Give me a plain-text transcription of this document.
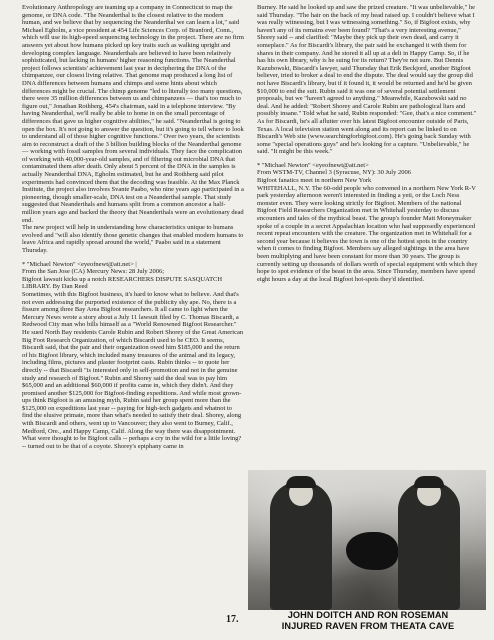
Evolutionary Anthropology are teaming up a company in Connecticut to map the genome, or DNA code. "The Neanderthal is the closest relative to the modern human, and we believe that by sequencing the Neanderthal we can learn a lot," said Michael Egholm, a vice president at 454 Life Sciences Corp. of Branford, Conn., which will use its high-speed sequencing technology in the project. There are no firm answers yet about how humans picked up key traits such as walking upright and developing complex language. Neanderthals are believed to have been relatively sophisticated, but lacking in humans' higher reasoning functions. The Neanderthal project follows scientists' achievement last year in deciphering the DNA of the chimpanzee, our closest living relative. That genome map produced a long list of DNA differences between humans and chimps and some hints about which differences might be crucial. The chimp genome "led to literally too many questions, there were 35 million differences between us and chimpanzees — that's too much to figure out," Jonathan Rothberg, 454's chairman, said in a telephone interview. "By having Neanderthal, we'll really be able to home in on the small percentage of differences that gave us higher cognitive abilities," he said. "Neanderthal is going to open the box. It's not going to answer the question, but it's going to tell where to look to understand all of those higher cognitive functions." Over two years, the scientists aim to reconstruct a draft of the 3 billion building blocks of the Neanderthal genome — working with fossil samples from several individuals. They face the complication of working with 40,000-year-old samples, and of filtering out microbial DNA that contaminated them after death. Only about 5 percent of the DNA in the samples is actually Neanderthal DNA, Egholm estimated, but he and Rothberg said pilot experiments had convinced them that the decoding was feasible. At the Max Planck Institute, the project also involves Svante Paabo, who nine years ago participated in a pioneering, though smaller-scale, DNA test on a Neanderthal sample. That study suggested that Neanderthals and humans split from a common ancestor a half-million years ago and backed the theory that Neanderthals were an evolutionary dead end.

The new project will help in understanding how characteristics unique to humans evolved and "will also identify those genetic changes that enabled modern humans to leave Africa and rapidly spread around the world," Paabo said in a statement Thursday.

* "Michael Newton" <eyeofnewt@att.net> |

From the San Jose (CA) Mercury News: 28 July 2006;

Bigfoot lawsuit kicks up a notch RESEARCHERS DISPUTE SASQUATCH LIBRARY. By Dan Reed

Sometimes, with this Bigfoot business, it's hard to know what to believe. And that's not even addressing the purported existence of the publicity shy ape. No, there is a fissure among three Bay Area Bigfoot researchers. It all came to light when the Mercury News wrote a story about a July 11 lawsuit filed by C. Thomas Biscardi, a Redwood City man who bills himself as a "World Renowned Bigfoot Researcher." He sued North Bay residents Carole Rubin and Robert Shorey of the Great American Big Foot Research Organization, of which Biscardi used to be CEO. It seems, Biscardi said, that the pair and their organization owed him $185,000 and the return of his Bigfoot library, which included many treasures of the animal and its legacy, including films, pictures and plaster footprint casts. Rubin thinks -- to quote her directly -- that Biscardi "is interested only in self-promotion and not in the genuine study and research of Bigfoot." Rubin and Shorey said the deal was to pay him $65,000 and an additional $60,000 if profits came in, which they didn't. And they promised another $125,000 for Bigfoot-finding expeditions. And while most grown-ups think Bigfoot is an amusing myth, Rubin said her group spent more than the $125,000 on expeditions last year -- paying for high-tech gadgets and whatnot to find the elusive primate, more than what's needed to satisfy their deal. Shorey, along with Biscardi and others, went up to Vancouver; they also went to Burney, Calif., Medford, Ore., and Happy Camp, Calif. Along the way there was disappointment. What were thought to be Bigfoot calls -- perhaps a cry in the wild for a little loving? -- turned out to be that of a coyote. Shorey's epiphany came in

Burney. He said he looked up and saw the prized creature. "It was unbelievable," he said Thursday. "The hair on the back of my head raised up. I couldn't believe what I was really witnessing, but I was witnessing something." So, if Bigfoot exists, why haven't any of its remains ever been found? "That's a very interesting avenue," Shorey said -- and clarified: "Maybe they pick up their own dead, and carry it someplace." As for Biscardi's library, the pair said he exchanged it with them for shares in their company. And he stored it all up at a deli in Happy Camp. So, if he has his own library, why is he suing for its return? They're not sure. But Dennis Kazubowski, Biscardi's lawyer, said Thursday that Erik Beckjord, another Bigfoot believer, tried to broker a deal to end the dispute. The deal would say the group did not have Biscardi's library, but if it found it, it would be returned and he'd be given $10,000 to end the suit. Rubin said it was one of several potential settlement proposals, but we "haven't agreed to anything." Meanwhile, Kazubowski said no deal. And he added: "Robert Shorey and Carole Rubin are pathological liars and possibly insane." Told what he said, Rubin responded: "Gee, that's a nice comment." As for Biscardi, he's all aflutter over his latest Bigfoot encounter outside of Paris, Texas. A local television station went along and its report can be linked to on Biscardi's Web site (www.searchingforbigfoot.com). He's going back Sunday with some "special operations guys" and he's looking for a capture. "Unbelievable," he said. "It might be this week."

* "Michael Newton" <eyeofnewt@att.net>

From WSTM-TV, Channel 3 (Syracuse, NY): 30 July 2006

Bigfoot fanatics meet in northern New York

WHITEHALL, N.Y. The 60-odd people who convened in a northern New York R-V park yesterday afternoon weren't interested in finding a yeti, or the Loch Ness monster even. They were looking strictly for Bigfoot. Members of the national Bigfoot Field Researchers Organization met in Whitehall yesterday to discuss encounters and tales of the mythical beast. The group's founder Matt Moneymaker spoke of a couple in a secret Appalachian location who had supposedly experienced recent repeat encounters with the creature. The organization met in Whitehall for a second year because it believes the town is one of the hottest spots in the country when it comes to finding Bigfoot. Members say alleged sightings in the area have been multiplying and have been constant for more than 30 years. The group is currently setting up thousands of dollars worth of special equipment with which they hope to spot evidence of the beast in the area. Since Thursday, members have spend eight hours a day at the local Bigfoot hot-spots they'd identified.

17.	JOHN DOITCH AND RON ROSEMAN
INJURED RAVEN FROM THEATA CAVE
